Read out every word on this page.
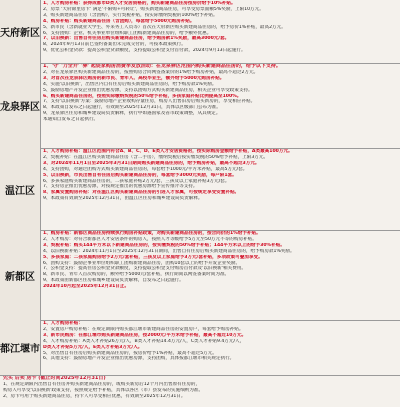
天府新区
1、人才购房补贴：获得成都市D类人才安居资格的，购买新建商品住房按房价给予10%补贴。
2、房票 '天府锦里房卡' 满足'不限购+可转让'，购买新建商品住房，可享受房票面额5%奖励，上限10万元。
3、购买新建商品住房（含团购），实行契税补贴，按实际缴纳契税的100%给予补贴。
4、购房补贴：购买新建商品住房（含团购），每套给予5000元购房补贴。
5、新市民（含新就业大学生、外来务工人员等）首次在天府新区购买新建商品住房的，给予房价1%补贴，最高2万元。
6、支持团购：企业、机关事业单位组织职工团购新建商品住房的，给予额外优惠。
7、以旧换新：出售自有住房后购买新建商品住房，给予购房款1%奖励，最高3000元/套。
8、2024年9月13日前已签约备案但未完成交付的，可按本政策执行。
9、优化公积金贷款：提高公积金贷款额度，支持提取公积金支付首付款，2024年9月13日起施行。
龙泉驿区
1、'守' '力全开' '驿' 起促家购房消费季发放活动：在龙泉驿区范围内购买新建商品住房的，给予以下支持。
2、对在龙泉驿区购买新建商品住房的，按照购房合同网签备案价的1%给予购房补贴，最高不超过2万元。
3、对首次在龙泉驿区购房的新市民、青年人、高校毕业生，额外给予5000元购房补贴。
4、实施'以旧换新'，出售区内自有住房后购买新建商品住房的，给予购房款1%奖励。
5、鼓励房地产开发企业推出优惠房源，支持以团购方式购买新建商品住房，相关企业可享受政策支持。
6、购买新建商品住房的，按照实际缴纳契税的50%给予补贴，多孩家庭补贴比例提高至100%。
7、支持'以旧换新'方案：鼓励房地产企业收购存量住房，购房人出售旧房后购买新房的，享受相应补贴。
8、本政策自发布之日起施行，有效期至2025年12月31日，具体以区级部门公布为准。
9、龙泉驿区住房和城乡建设局负责解释，执行中如遇国家及省市政策调整，从其规定。
本通知自发布之日起执行。
温江区
1、人才购房补贴：温江区范围内符合A、B、C、D、E类人才安居资格的，按实际购房金额给予补贴，A类最高100万元。
2、契税补贴：在温江区购买新建商品住房（含二手房），缴纳契税后按实缴契税的50%给予补贴，上限3万元。
3、对2024年11月1日至2025年3月31日期间购买新建商品住房的，给予购房补贴，最高不超过3万元。
4、支持团购，对通过团购方式购买新建商品住房的，每套给予1000元/平方米补贴，最高5万元/套。
5、以旧换新，市民出售自有住房后购买新建商品住房的，每套给予3000元奖励，每户限1套。
6、多孩家庭购买新建商品住房的，二孩家庭补贴2万元/套，三孩及以上家庭补贴3万元/套。
7、支持房企推出优惠房源，对按规定推出的优惠房源给予宣传推介等支持。
8、家属安置购房补贴：对在温江区购买新建商品住房的引进人才家属，可按规定享受安置补贴。
9、本政策有效期至2025年12月31日，由温江区住房和城乡建设局负责解释。
新都区
1、购房补贴：新都区商品住房持续执行购房补贴政策，对购买新建商品住房的，按合同价的1%给予补贴。
2、人才购房：对符合新都区人才安居条件的购房人，按照人才等级给予5万元至50万元不等的购房补贴。
3、契税补贴：购买144平方米以下新建商品住房的，按实缴契税的50%给予补贴；144平方米以上的给予30%补贴。
4、以旧换新补贴：2024年11月1日至2025年12月31日期间，出售自有住房后购买新建商品住房的，给予购房款1%奖励。
5、多孩家庭：二孩家庭购房给予2万元/套补贴，三孩及以上家庭给予3万元/套补贴，多项政策可叠加享受。
6、团购支持：鼓励企事业单位组织职工团购新建商品住房，团购10套以上的给予开发企业奖励。
7、公积金支持：提高住房公积金贷款额度，支持提取公积金支付购房首付款及'以旧换新'相关费用。
8、新市民、青年人首次购房的，额外给予5000元/套补贴，执行期间以网签备案时间为准。
9、本政策由新都区住房和城乡建设局负责解释，自发布之日起施行。
2024年10月起至2025年12月31日止。
都江堰市
1、人才购房补贴：
2、安置房户购房补贴：在规定期限内购买都江堰市新建商品住房的安置房户，每套给予购房补贴。
3、新市民购房：在都江堰市购买新建商品住房，按2000元/平方米给予补贴，最高不超过10万元。
4、人才购房补贴：A类人才补贴26万元/人，B类人才补贴14.4万元/人，C类人才补贴9.4万元/人，
D类人才补贴5万元/人，E类人才补贴3万元/人。
5、对出售自有住房后购买新建商品住房的，按房价给予1%补贴，最高不超过5万元。
6、其他支持：鼓励房地产开发企业推出优惠房源，支持团购，具体按都江堰市相关规定执行。
先买 后卖 房卡 (截止时间2025年12月31日)
1、在规定期限内出售自有住房并购买新建商品住房的，或购买新房后12个月内出售原有住房的，
购房人可享受'以旧换新'政策支持，按照规定给予补贴，具体以各区（市）县发布的实施细则为准。
2、房卡可用于购买新建商品住房，持卡人可享受相应优惠，有效期至2025年12月31日。
